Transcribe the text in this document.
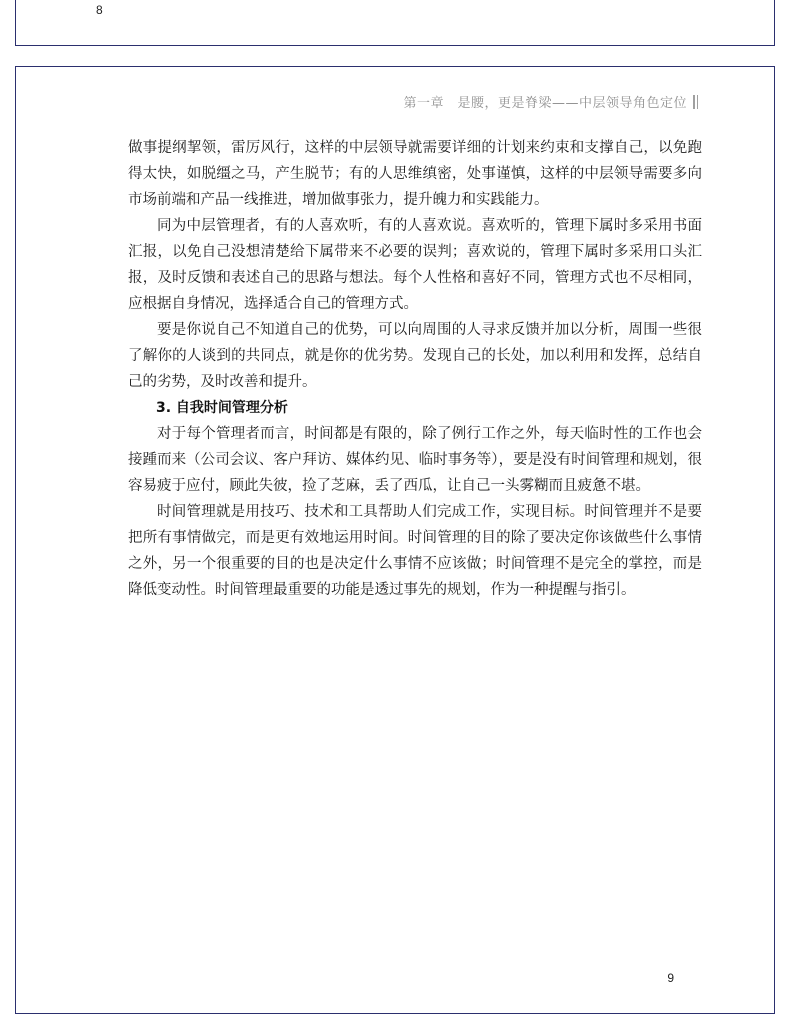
8
第一章　是腰，更是脊梁——中层领导角色定位

做事提纲挈领，雷厉风行，这样的中层领导就需要详细的计划来约束和支撑自己，以免跑得太快，如脱缰之马，产生脱节；有的人思维缜密，处事谨慎，这样的中层领导需要多向市场前端和产品一线推进，增加做事张力，提升魄力和实践能力。

同为中层管理者，有的人喜欢听，有的人喜欢说。喜欢听的，管理下属时多采用书面汇报，以免自己没想清楚给下属带来不必要的误判；喜欢说的，管理下属时多采用口头汇报，及时反馈和表述自己的思路与想法。每个人性格和喜好不同，管理方式也不尽相同，应根据自身情况，选择适合自己的管理方式。

要是你说自己不知道自己的优势，可以向周围的人寻求反馈并加以分析，周围一些很了解你的人谈到的共同点，就是你的优劣势。发现自己的长处，加以利用和发挥，总结自己的劣势，及时改善和提升。

3. 自我时间管理分析

对于每个管理者而言，时间都是有限的，除了例行工作之外，每天临时性的工作也会接踵而来（公司会议、客户拜访、媒体约见、临时事务等），要是没有时间管理和规划，很容易疲于应付，顾此失彼，捡了芝麻，丢了西瓜，让自己一头雾糊而且疲惫不堪。

时间管理就是用技巧、技术和工具帮助人们完成工作，实现目标。时间管理并不是要把所有事情做完，而是更有效地运用时间。时间管理的目的除了要决定你该做些什么事情之外，另一个很重要的目的也是决定什么事情不应该做；时间管理不是完全的掌控，而是降低变动性。时间管理最重要的功能是透过事先的规划，作为一种提醒与指引。

9
